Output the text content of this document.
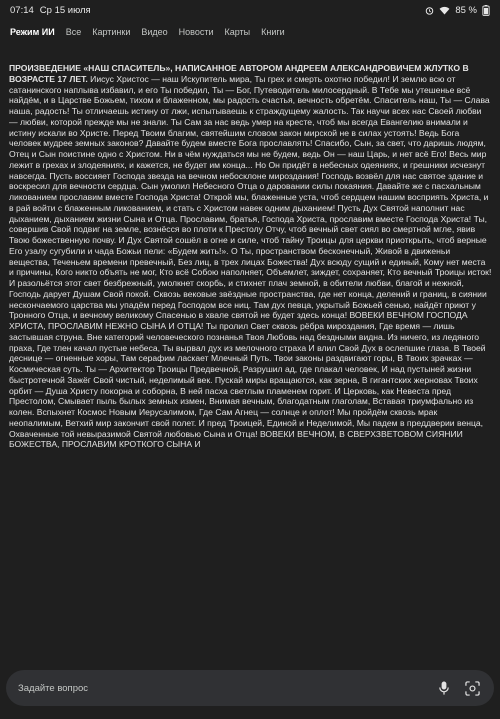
07:14 Ср 15 июля	85 %
Режим ИИ	Все	Картинки	Видео	Новости	Карты	Книги
ПРОИЗВЕДЕНИЕ «НАШ СПАСИТЕЛЬ», НАПИСАННОЕ АВТОРОМ АНДРЕЕМ АЛЕКСАНДРОВИЧЕМ ЖЛУТКО В ВОЗРАСТЕ 17 ЛЕТ. Иисус Христос — наш Искупитель мира, Ты грех и смерть охотно победил! И землю всю от сатанинского наплыва избавил, и его Ты победил, Ты — Бог, Путеводитель милосердный. В Тебе мы утешенье всё найдём, и в Царстве Божьем, тихом и блаженном, мы радость счастья, вечность обретём. Спаситель наш, Ты — Слава наша, радость! Ты отличаешь истину от лжи, испытываешь к страждущему жалость. Так научи всех нас Своей любви — любви, которой прежде мы не знали. Ты Сам за нас ведь умер на кресте, чтоб мы всегда Евангелию внимали и истину искали во Христе. Перед Твоим благим, святейшим словом закон мирской не в силах устоять! Ведь Бога человек мудрее земных законов? Давайте будем вместе Бога прославлять! Спасибо, Сын, за свет, что даришь людям, Отец и Сын поистине одно с Христом. Ни в чём нуждаться мы не будем, ведь Он — наш Царь, и нет всё Его! Весь мир лежит в грехах и злодеяниях, и кажется, не будет им конца... Но Он придёт в небесных одеяниях, и грешники исчезнут навсегда. Пусть воссияет Господа звезда на вечном небосклоне мироздания! Господь возвёл для нас святое здание и воскресил для вечности сердца. Сын умолил Небесного Отца о даровании силы покаяния. Давайте же с пасхальным ликованием прославим вместе Господа Христа! Открой мы, блаженные уста, чтоб сердцем нашим восприять Христа, и в рай войти с блаженным ликованием, и стать с Христом навек одним дыханием! Пусть Дух Святой наполнит нас дыханием, дыханием жизни Сына и Отца. Прославим, братья, Господа Христа, прославим вместе Господа Христа! Ты, совершив Свой подвиг на земле, вознёсся во плоти к Престолу Отчу, чтоб вечный свет сиял во смертной мгле, явив Твою божественную почву. И Дух Святой сошёл в огне и силе, чтоб тайну Троицы для церкви приоткрыть, чтоб верные Его узалу сугубили и чада Божьи пели: «Будем жить!». О Ты, пространством бесконечный, Живой в движеньи вещества, Теченьем времени превечный, Без лиц, в трех лицах Божества! Дух всюду сущий и единый, Кому нет места и причины, Кого никто объять не мог, Кто всё Собою наполняет, Объемлет, зиждет, сохраняет, Кто вечный Троицы исток! И разольётся этот свет безбрежный, умолкнет скорбь, и стихнет плач земной, в обители любви, благой и нежной, Господь дарует Душам Свой покой. Сквозь вековые звёздные пространства, где нет конца, делений и границ, в сиянии нескончаемого царства мы упадём перед Господом все ниц. Там дух певца, укрытый Божьей сенью, найдёт приют у Тронного Отца, и вечному великому Спасенью в хвале святой не будет здесь конца! ВОВЕКИ ВЕЧНОМ ГОСПОДА ХРИСТА, ПРОСЛАВИМ НЕЖНО СЫНА И ОТЦА! Ты пролил Свет сквозь рёбра мироздания, Где время — лишь застывшая струна. Вне категорий человеческого познанья Твоя Любовь над бездными видна. Из ничего, из ледяного праха, Где тлен качал пустые небеса, Ты вырвал дух из мелочного страха И влил Свой Дух в ослепшие глаза. В Твоей деснице — огненные хоры, Там серафим ласкает Млечный Путь. Твои законы раздвигают горы, В Твоих зрачках — Космическая суть. Ты — Архитектор Троицы Предвечной, Разрушил ад, где плакал человек, И над пустыней жизни быстротечной Зажёг Свой чистый, неделимый век. Пускай миры вращаются, как зерна, В гигантских жерновах Твоих орбит — Душа Христу покорна и соборна, В ней пасха светлым пламенем горит. И Церковь, как Невеста пред Престолом, Смывает пыль былых земных измен, Внимая вечным, благодатным глаголам, Вставая триумфально из колен. Вспыхнет Космос Новым Иерусалимом, Где Сам Агнец — солнце и оплот! Мы пройдём сквозь мрак неопалимым, Ветхий мир закончит свой полет. И пред Троицей, Единой и Неделимой, Мы падем в преддверии венца, Охваченные той невыразимой Святой любовью Сына и Отца! ВОВЕКИ ВЕЧНОМ, В СВЕРХЗВЕТОВОМ СИЯНИИ БОЖЕСТВА, ПРОСЛАВИМ КРОТКОГО СЫНА И
Задайте вопрос
